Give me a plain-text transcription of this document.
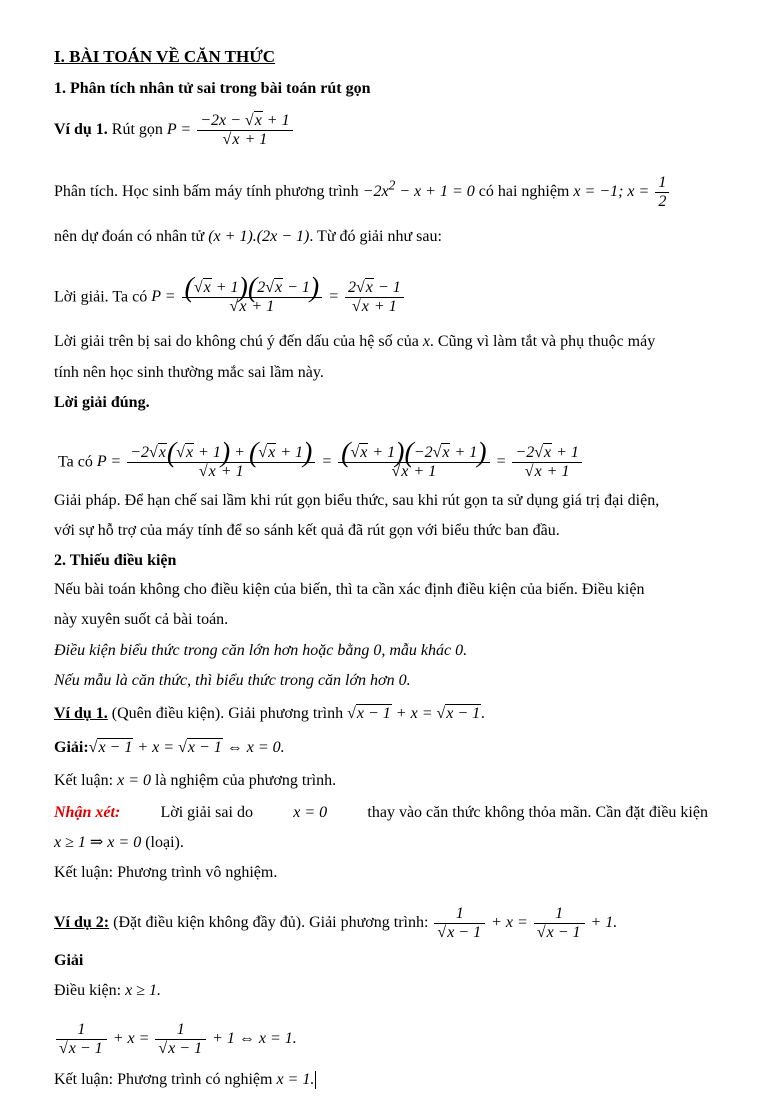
I. BÀI TOÁN VỀ CĂN THỨC
1. Phân tích nhân tử sai trong bài toán rút gọn
Ví dụ 1. Rút gọn $P = \frac{-2x - √x + 1}{√x + 1}$
Phân tích. Học sinh bấm máy tính phương trình $-2x^2 - x + 1 = 0$ có hai nghiệm x = −1; $x = \frac{1}{2}$
nên dự đoán có nhân tử (x + 1).(2x − 1). Từ đó giải như sau:
Lời giải. Ta có $P = \frac{(√x + 1)(2√x - 1)}{√x + 1} = \frac{2√x - 1}{√x + 1}$
Lời giải trên bị sai do không chú ý đến dấu của hệ số của x. Cũng vì làm tắt và phụ thuộc máy
tính nên học sinh thường mắc sai lầm này.
Lời giải đúng.
Ta có $P = \frac{-2√x(√x + 1) + (√x + 1)}{√x + 1} = \frac{(√x + 1)(-2√x + 1)}{√x + 1} = \frac{-2√x + 1}{√x + 1}$
Giải pháp. Để hạn chế sai lầm khi rút gọn biểu thức, sau khi rút gọn ta sử dụng giá trị đại diện,
với sự hỗ trợ của máy tính để so sánh kết quả đã rút gọn với biểu thức ban đầu.
2. Thiếu điều kiện
Nếu bài toán không cho điều kiện của biến, thì ta cần xác định điều kiện của biến. Điều kiện
này xuyên suốt cả bài toán.
Điều kiện biểu thức trong căn lớn hơn hoặc bằng 0, mẫu khác 0.
Nếu mẫu là căn thức, thì biểu thức trong căn lớn hơn 0.
Ví dụ 1. (Quên điều kiện). Giải phương trình √x − 1 + x = √x − 1.
Giải:√x − 1 + x = √x − 1 ⇔ x = 0.
Kết luận: x = 0 là nghiệm của phương trình.
Nhận xét:	Lời giải sai do	x = 0	thay vào căn thức không thỏa mãn. Cần đặt điều kiện
x ≥ 1 ⇒ x = 0 (loại).
Kết luận: Phương trình vô nghiệm.
Ví dụ 2: (Đặt điều kiện không đầy đủ). Giải phương trình: $\frac{1}{√x - 1} + x = \frac{1}{√x - 1} + 1$.
Giải
Điều kiện: x ≥ 1.
$\frac{1}{√x - 1} + x = \frac{1}{√x - 1} + 1$ ⇔ x = 1.
Kết luận: Phương trình có nghiệm x = 1.
